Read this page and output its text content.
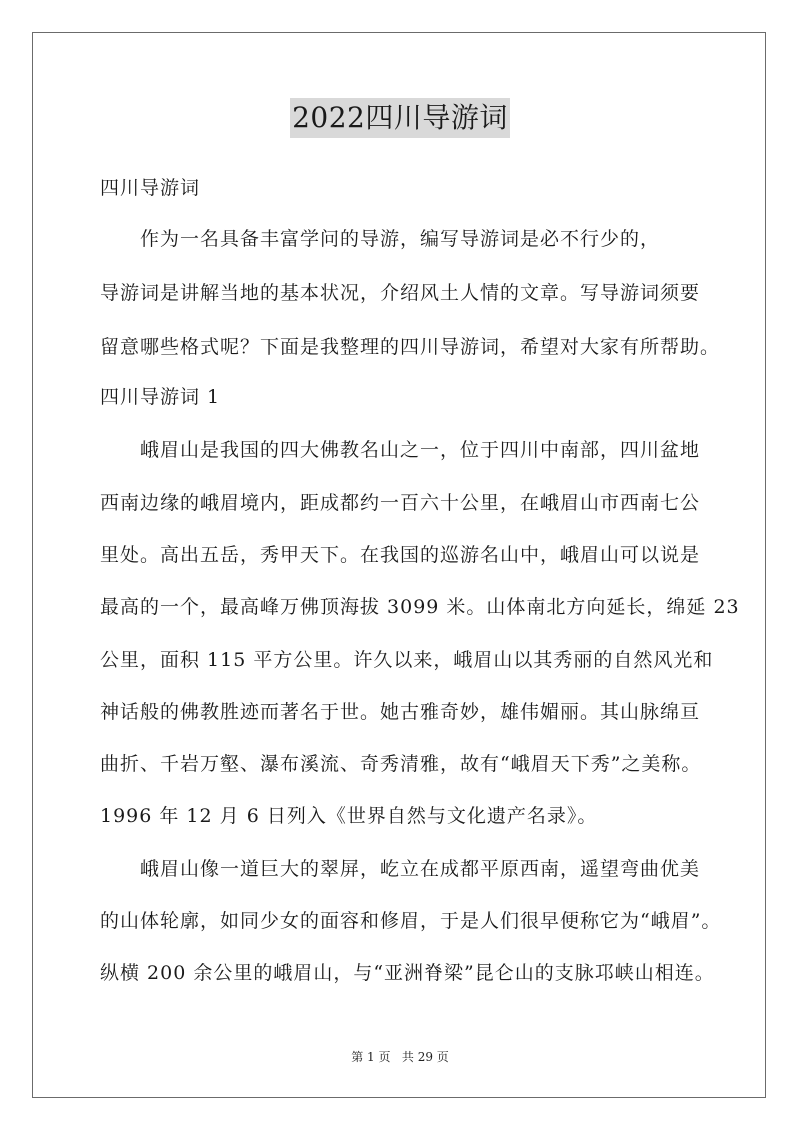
2022四川导游词
四川导游词
　　作为一名具备丰富学问的导游，编写导游词是必不行少的，
导游词是讲解当地的基本状况，介绍风土人情的文章。写导游词须要
留意哪些格式呢？下面是我整理的四川导游词，希望对大家有所帮助。
四川导游词 1
　　峨眉山是我国的四大佛教名山之一，位于四川中南部，四川盆地
西南边缘的峨眉境内，距成都约一百六十公里，在峨眉山市西南七公
里处。高出五岳，秀甲天下。在我国的巡游名山中，峨眉山可以说是
最高的一个，最高峰万佛顶海拔 3099 米。山体南北方向延长，绵延 23
公里，面积 115 平方公里。许久以来，峨眉山以其秀丽的自然风光和
神话般的佛教胜迹而著名于世。她古雅奇妙，雄伟媚丽。其山脉绵亘
曲折、千岩万壑、瀑布溪流、奇秀清雅，故有“峨眉天下秀”之美称。
1996 年 12 月 6 日列入《世界自然与文化遗产名录》。
　　峨眉山像一道巨大的翠屏，屹立在成都平原西南，遥望弯曲优美
的山体轮廓，如同少女的面容和修眉，于是人们很早便称它为“峨眉”。
纵横 200 余公里的峨眉山，与“亚洲脊梁”昆仑山的支脉邛峡山相连。
第 1 页 共 29 页
